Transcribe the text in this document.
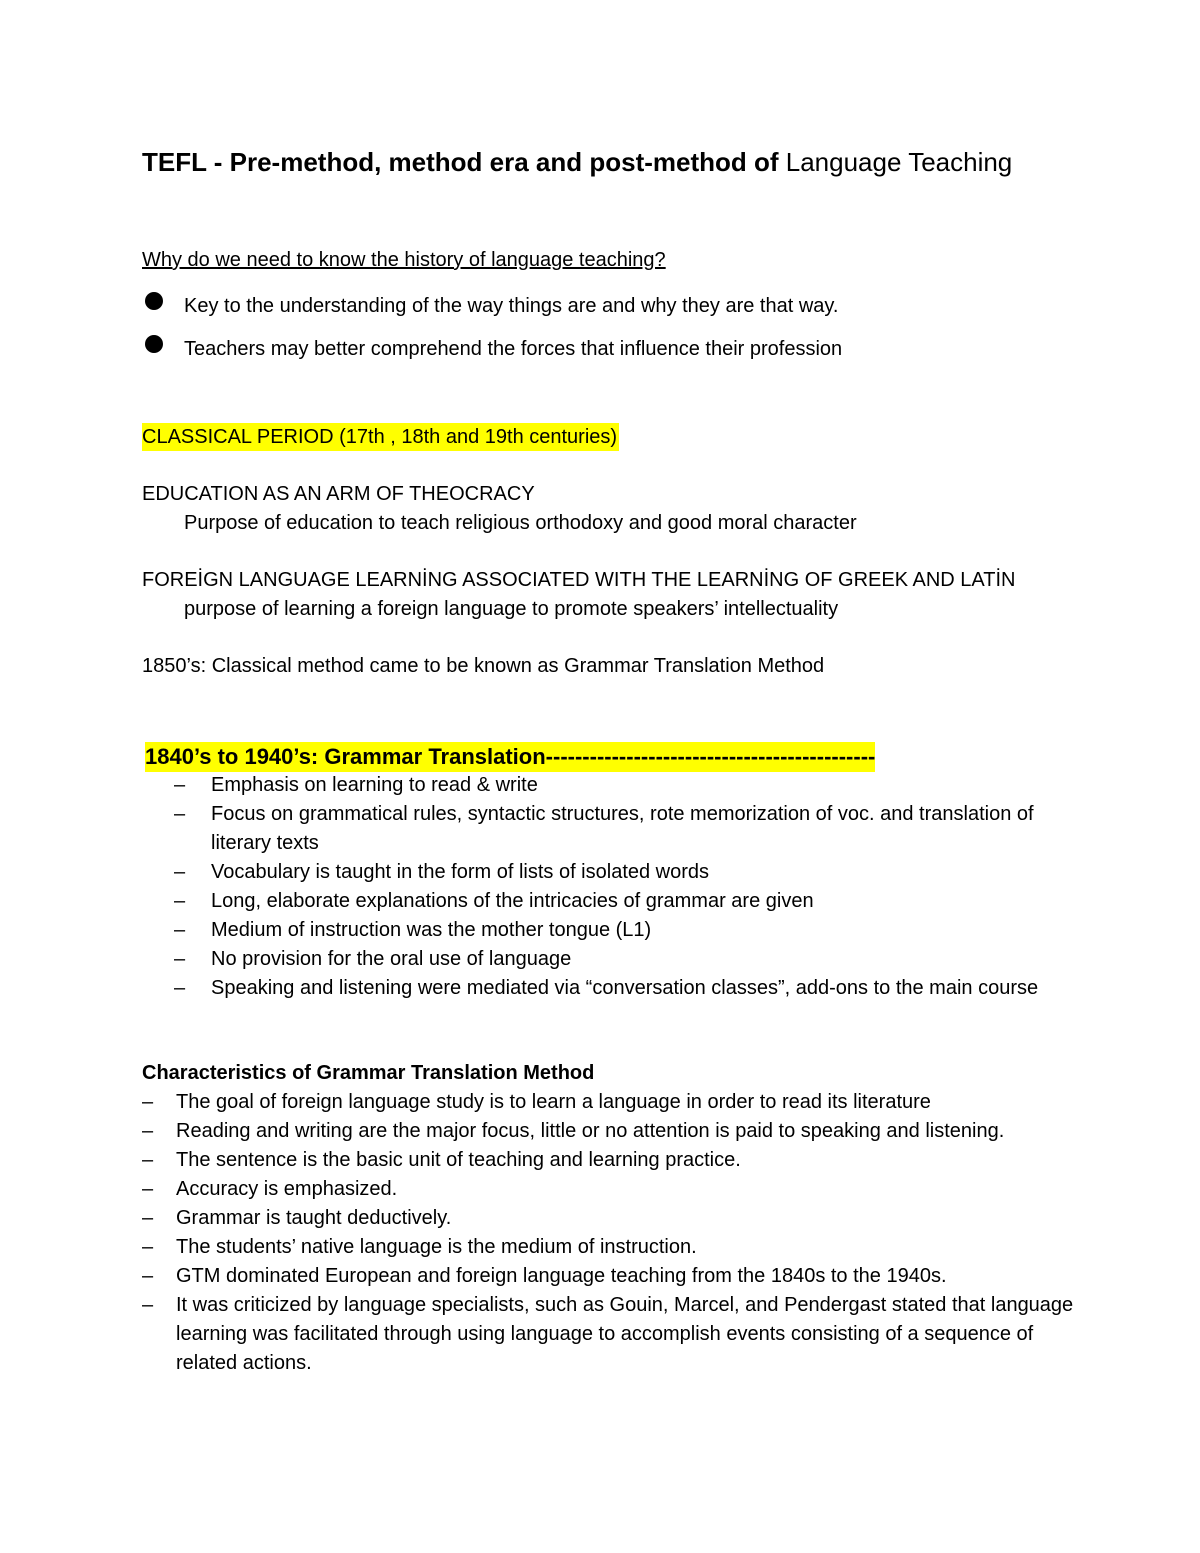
TEFL - Pre-method, method era and post-method of Language Teaching
Why do we need to know the history of language teaching?
Key to the understanding of the way things are and why they are that way.
Teachers may better comprehend the forces that influence their profession
CLASSICAL PERIOD (17th , 18th and 19th centuries)
EDUCATION AS AN ARM OF THEOCRACY
Purpose of education to teach religious orthodoxy and good moral character
FOREİGN LANGUAGE LEARNİNG ASSOCIATED WITH THE LEARNİNG OF GREEK AND LATİN
purpose of learning a foreign language to promote speakers’ intellectuality
1850’s: Classical method came to be known as Grammar Translation Method
1840’s to 1940’s: Grammar Translation---------------------------------------------
– Emphasis on learning to read & write
– Focus on grammatical rules, syntactic structures, rote memorization of voc. and translation of literary texts
– Vocabulary is taught in the form of lists of isolated words
– Long, elaborate explanations of the intricacies of grammar are given
– Medium of instruction was the mother tongue (L1)
– No provision for the oral use of language
– Speaking and listening were mediated via “conversation classes”, add-ons to the main course
Characteristics of Grammar Translation Method
– The goal of foreign language study is to learn a language in order to read its literature
– Reading and writing are the major focus, little or no attention is paid to speaking and listening.
– The sentence is the basic unit of teaching and learning practice.
– Accuracy is emphasized.
– Grammar is taught deductively.
– The students’ native language is the medium of instruction.
– GTM dominated European and foreign language teaching from the 1840s to the 1940s.
– It was criticized by language specialists, such as Gouin, Marcel, and Pendergast stated that language learning was facilitated through using language to accomplish events consisting of a sequence of related actions.
